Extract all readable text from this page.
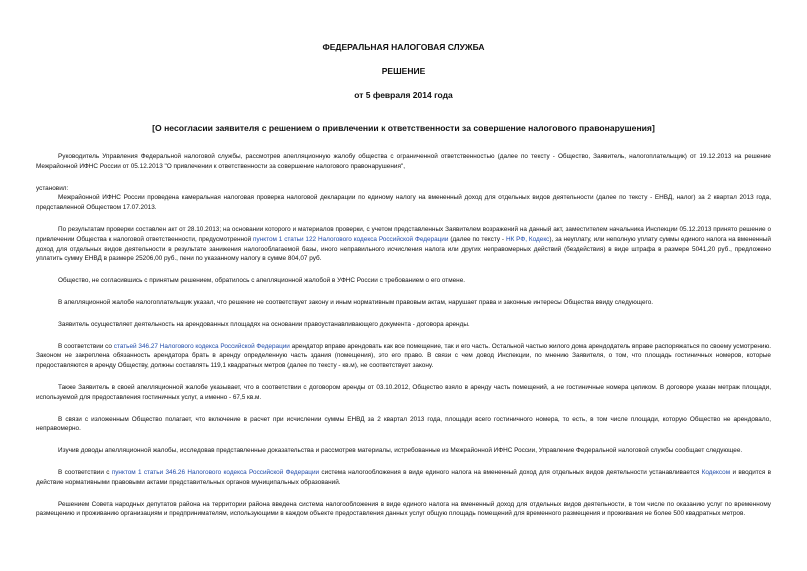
ФЕДЕРАЛЬНАЯ НАЛОГОВАЯ СЛУЖБА
РЕШЕНИЕ
от 5 февраля 2014 года
[О несогласии заявителя с решением о привлечении к ответственности за совершение налогового правонарушения]

Руководитель Управления Федеральной налоговой службы, рассмотрев апелляционную жалобу общества с ограниченной ответственностью (далее по тексту - Общество, Заявитель, налогоплательщик) от 19.12.2013 на решение Межрайонной ИФНС России от 05.12.2013 "О привлечении к ответственности за совершение налогового правонарушения",

установил:

Межрайонной ИФНС России проведена камеральная налоговая проверка налоговой декларации по единому налогу на вмененный доход для отдельных видов деятельности (далее по тексту - ЕНВД, налог) за 2 квартал 2013 года, представленной Обществом 17.07.2013.

По результатам проверки составлен акт от 28.10.2013; на основании которого и материалов проверки, с учетом представленных Заявителем возражений на данный акт, заместителем начальника Инспекции 05.12.2013 принято решение о привлечении Общества к налоговой ответственности, предусмотренной пунктом 1 статьи 122 Налогового кодекса Российской Федерации (далее по тексту - НК РФ, Кодекс), за неуплату, или неполную уплату суммы единого налога на вмененный доход для отдельных видов деятельности в результате занижения налогооблагаемой базы, иного неправильного исчисления налога или других неправомерных действий (бездействия) в виде штрафа в размере 5041,20 руб., предложено уплатить сумму ЕНВД в размере 25206,00 руб., пени по указанному налогу в сумме 804,07 руб.

Общество, не согласившись с принятым решением, обратилось с апелляционной жалобой в УФНС России с требованием о его отмене.

В апелляционной жалобе налогоплательщик указал, что решение не соответствует закону и иным нормативным правовым актам, нарушает права и законные интересы Общества ввиду следующего.

Заявитель осуществляет деятельность на арендованных площадях на основании правоустанавливающего документа - договора аренды.

В соответствии со статьей 346.27 Налогового кодекса Российской Федерации арендатор вправе арендовать как все помещение, так и его часть. Остальной частью жилого дома арендодатель вправе распоряжаться по своему усмотрению. Законом не закреплена обязанность арендатора брать в аренду определенную часть здания (помещения), это его право. В связи с чем довод Инспекции, по мнению Заявителя, о том, что площадь гостиничных номеров, которые предоставляются в аренду Обществу, должны составлять 119,1 квадратных метров (далее по тексту - кв.м), не соответствует закону.

Также Заявитель в своей апелляционной жалобе указывает, что в соответствии с договором аренды от 03.10.2012, Общество взяло в аренду часть помещений, а не гостиничные номера целиком. В договоре указан метраж площади, используемой для предоставления гостиничных услуг, а именно - 67,5 кв.м.

В связи с изложенным Общество полагает, что включение в расчет при исчислении суммы ЕНВД за 2 квартал 2013 года, площади всего гостиничного номера, то есть, в том числе площади, которую Общество не арендовало, неправомерно.

Изучив доводы апелляционной жалобы, исследовав представленные доказательства и рассмотрев материалы, истребованные из Межрайонной ИФНС России, Управление Федеральной налоговой службы сообщает следующее.

В соответствии с пунктом 1 статьи 346.26 Налогового кодекса Российской Федерации система налогообложения в виде единого налога на вмененный доход для отдельных видов деятельности устанавливается Кодексом и вводится в действие нормативными правовыми актами представительных органов муниципальных образований.

Решением Совета народных депутатов района на территории района введена система налогообложения в виде единого налога на вмененный доход для отдельных видов деятельности, в том числе по оказанию услуг по временному размещению и проживанию организациям и предпринимателям, использующими в каждом объекте предоставления данных услуг общую площадь помещений для временного размещения и проживания не более 500 квадратных метров.
